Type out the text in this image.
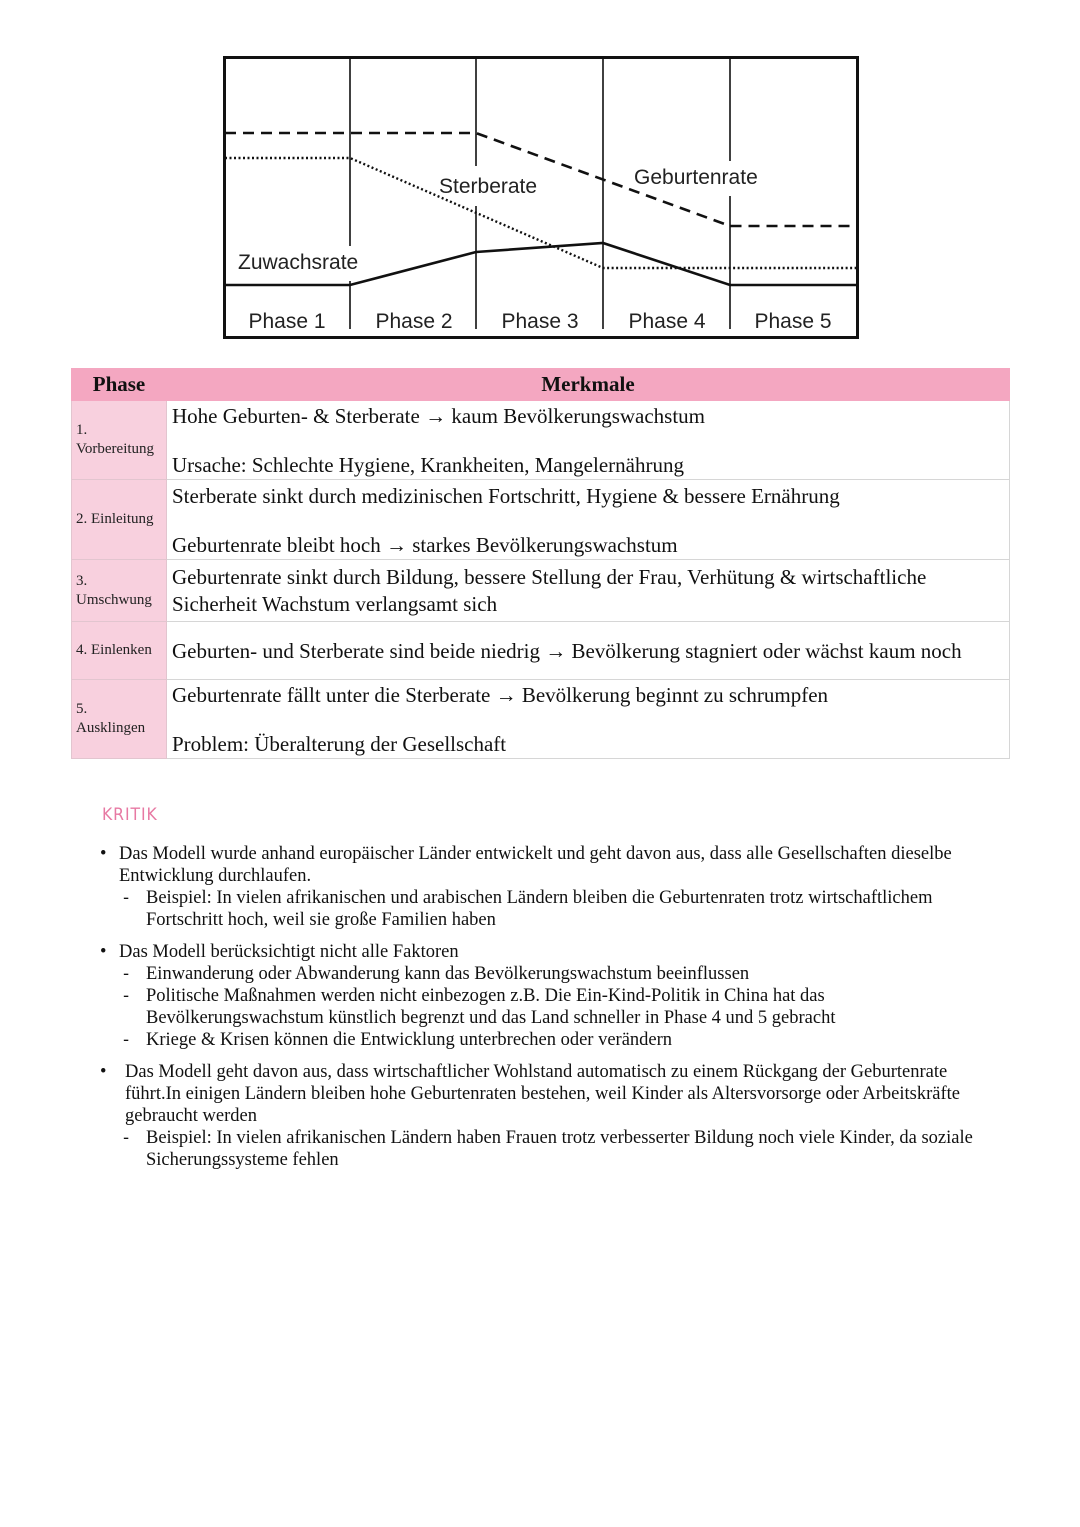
Sterberate	Geburtenrate
Zuwachsrate
Phase 1 Phase 2 Phase 3 Phase 4 Phase 5
Phase	Merkmale

1.
Vorbereitung	Hohe Geburten- & Sterberate → kaum Bevölkerungswachstum
Ursache: Schlechte Hygiene, Krankheiten, Mangelernährung

2. Einleitung	Sterberate sinkt durch medizinischen Fortschritt, Hygiene & bessere Ernährung
Geburtenrate bleibt hoch → starkes Bevölkerungswachstum

3.
Umschwung	Geburtenrate sinkt durch Bildung, bessere Stellung der Frau, Verhütung & wirtschaftliche Sicherheit Wachstum verlangsamt sich
4. Einlenken	Geburten- und Sterberate sind beide niedrig → Bevölkerung stagniert oder wächst kaum noch

5.
Ausklingen	Geburtenrate fällt unter die Sterberate → Bevölkerung beginnt zu schrumpfen
Problem: Überalterung der Gesellschaft
KRITIK
• Das Modell wurde anhand europäischer Länder entwickelt und geht davon aus, dass alle Gesellschaften dieselbe Entwicklung durchlaufen.
- Beispiel: In vielen afrikanischen und arabischen Ländern bleiben die Geburtenraten trotz wirtschaftlichem Fortschritt hoch, weil sie große Familien haben
• Das Modell berücksichtigt nicht alle Faktoren
- Einwanderung oder Abwanderung kann das Bevölkerungswachstum beeinflussen
- Politische Maßnahmen werden nicht einbezogen z.B. Die Ein-Kind-Politik in China hat das Bevölkerungswachstum künstlich begrenzt und das Land schneller in Phase 4 und 5 gebracht
- Kriege & Krisen können die Entwicklung unterbrechen oder verändern
• Das Modell geht davon aus, dass wirtschaftlicher Wohlstand automatisch zu einem Rückgang der Geburtenrate führt.In einigen Ländern bleiben hohe Geburtenraten bestehen, weil Kinder als Altersvorsorge oder Arbeitskräfte gebraucht werden
- Beispiel: In vielen afrikanischen Ländern haben Frauen trotz verbesserter Bildung noch viele Kinder, da soziale Sicherungssysteme fehlen
